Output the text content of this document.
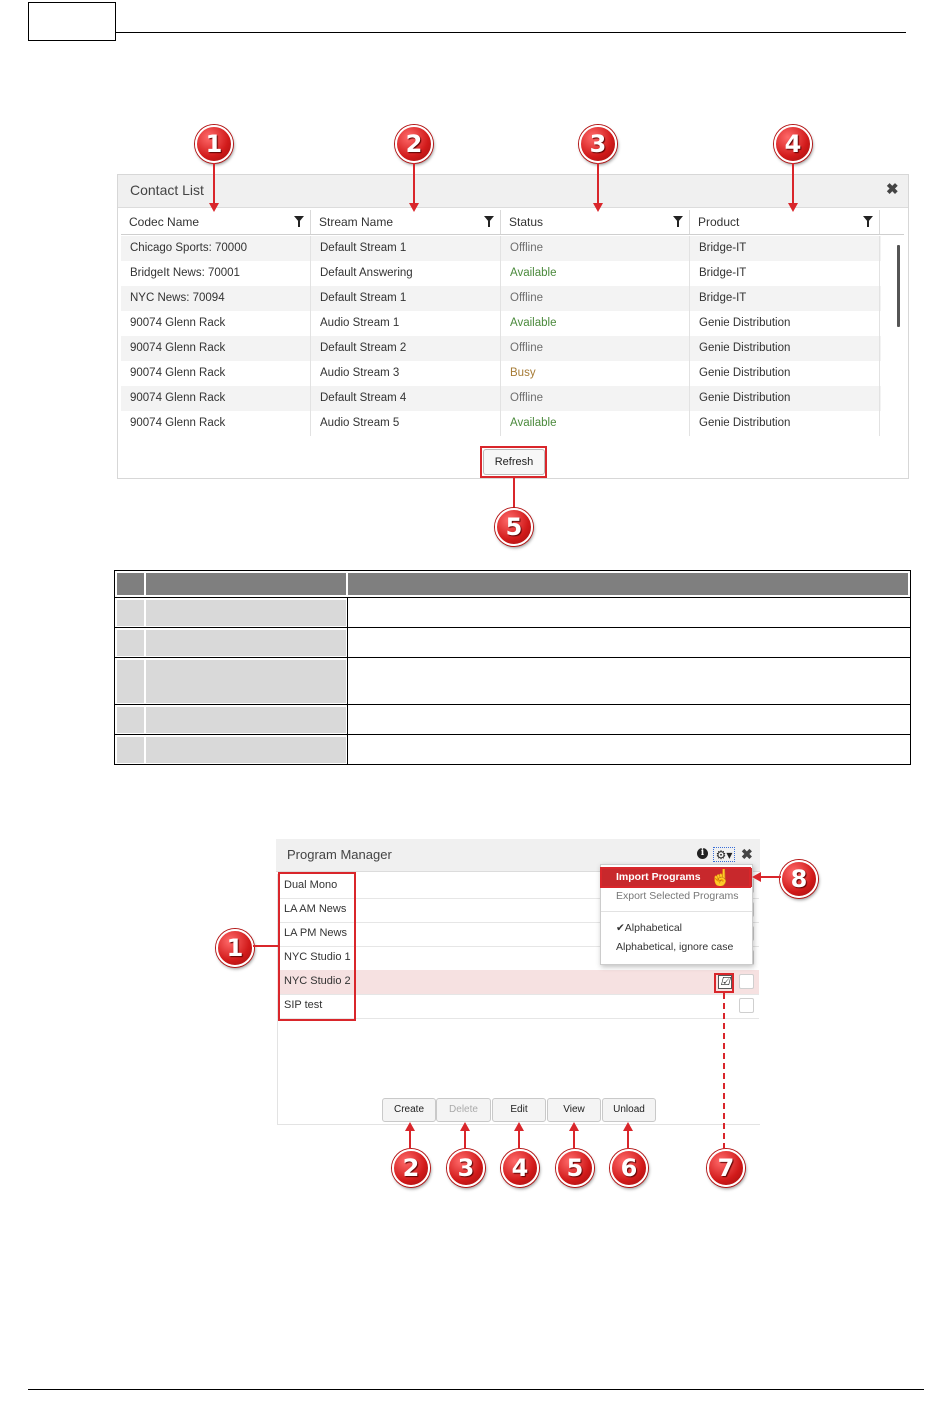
Contact List	✖
Codec Name	Stream Name	Status	Product
Chicago Sports: 70000	Default Stream 1	Offline	Bridge-IT
BridgeIt News: 70001	Default Answering	Available	Bridge-IT
NYC News: 70094	Default Stream 1	Offline	Bridge-IT
90074 Glenn Rack	Audio Stream 1	Available	Genie Distribution
90074 Glenn Rack	Default Stream 2	Offline	Genie Distribution
90074 Glenn Rack	Audio Stream 3	Busy	Genie Distribution
90074 Glenn Rack	Default Stream 4	Offline	Genie Distribution
90074 Glenn Rack	Audio Stream 5	Available	Genie Distribution
Refresh
1	2	3	4
5
Program Manager	i ⚙▾ ✖
Dual Mono
LA AM News
LA PM News
NYC Studio 1
NYC Studio 2	☑
SIP test
Create	Delete	Edit	View	Unload
Import Programs
Export Selected Programs
✔Alphabetical
Alphabetical, ignore case
☝
1
2	3	4	5	6	7
8
